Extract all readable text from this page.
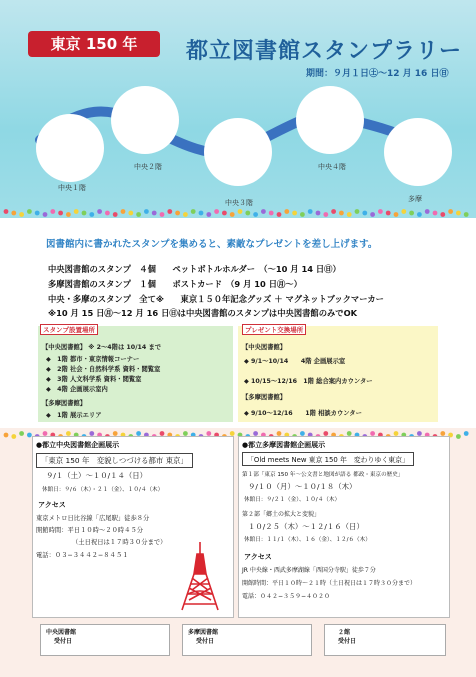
東京 150 年	都立図書館スタンプラリー
期間：９月１日㊏〜12 月 16 日㊐
中央１階
中央２階
中央３階
中央４階
多摩
図書館内に書かれたスタンプを集めると、素敵なプレゼントを差し上げます。
中央図書館のスタンプ　４個　　ペットボトルホルダー　（〜10 月 14 日㊐）
多摩図書館のスタンプ　１個　　ポストカード　（9 月 10 日㊊〜）
中央・多摩のスタンプ　全て※　　東京１５０年記念グッズ ＋ マグネットブックマーカー
※10 月 15 日㊊〜12 月 16 日㊐は中央図書館のスタンプは中央図書館のみでOK
スタンプ設置場所
【中央図書館】 ※ 2〜4階は 10/14 まで
◆　1階 都市・東京情報コーナー
◆　2階 社会・自然科学系 資料・閲覧室
◆　3階 人文科学系 資料・閲覧室
◆　4階 企画展示室内
【多摩図書館】
◆　1階 展示エリア
プレゼント交換場所
【中央図書館】
◆ 9/1〜10/14　　4階 企画展示室
◆ 10/15〜12/16　1階 総合案内カウンター
【多摩図書館】
◆ 9/10〜12/16　　1階 相談カウンター
●都立中央図書館企画展示
「東京 150 年　変貌しつづける都市 東京」
９/１（土）〜１０/１４（日）
休館日：９/６（木）・２１（金）、１０/４（木）
アクセス
東京メトロ日比谷線「広尾駅」徒歩８分
開館時間：平日１０時〜２０時４５分
（土日祝日は１７時３０分まで）
電話：０３−３４４２−８４５１
●都立多摩図書館企画展示
「Old meets New 東京 150 年　変わりゆく東京」
第１部「東京 150 年〜公文書と地図が語る 都政・東京の歴史」
９/１０（月）〜１０/１８（木）
休館日：９/２１（金）、１０/４（木）
第２部「郷土の拡大と変貌」
１０/２５（木）〜１２/１６（日）
休館日：１１/１（木）、１６（金）、１２/６（木）
アクセス
JR 中央線・西武多摩湖線「西国分寺駅」徒歩７分
開館時間：平日１０時〜２１時（土日祝日は１７時３０分まで）
電話：０４２−３５９−４０２０
中央図書館
受付日
多摩図書館
受付日
２館
受付日
